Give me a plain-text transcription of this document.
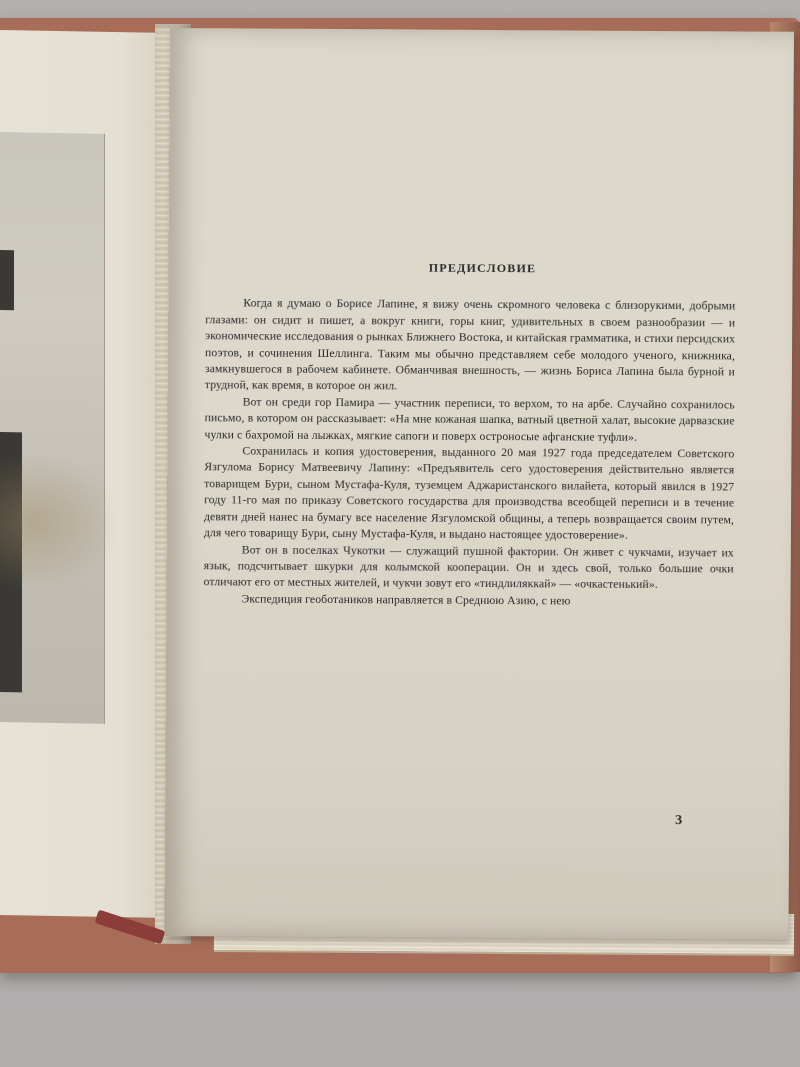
ПРЕДИСЛОВИЕ

Когда я думаю о Борисе Лапине, я вижу очень скромного человека с близорукими, добрыми глазами: он сидит и пишет, а вокруг книги, горы книг, удивительных в своем разнообразии — и экономические исследования о рынках Ближнего Востока, и китайская грамматика, и стихи персидских поэтов, и сочинения Шеллинга. Таким мы обычно представляем себе молодого ученого, книжника, замкнувшегося в рабочем кабинете. Обманчивая внешность, — жизнь Бориса Лапина была бурной и трудной, как время, в которое он жил.

Вот он среди гор Памира — участник переписи, то верхом, то на арбе. Случайно сохранилось письмо, в котором он рассказывает: «На мне кожаная шапка, ватный цветной халат, высокие дарвазские чулки с бахромой на лыжках, мягкие сапоги и поверх остроносые афганские туфли».

Сохранилась и копия удостоверения, выданного 20 мая 1927 года председателем Советского Язгулома Борису Матвеевичу Лапину: «Предъявитель сего удостоверения действительно является товарищем Бури, сыном Мустафа-Куля, туземцем Аджаристанского вилайета, который явился в 1927 году 11-го мая по приказу Советского государства для производства всеобщей переписи и в течение девяти дней нанес на бумагу все население Язгуломской общины, а теперь возвращается своим путем, для чего товарищу Бури, сыну Мустафа-Куля, и выдано настоящее удостоверение».

Вот он в поселках Чукотки — служащий пушной фактории. Он живет с чукчами, изучает их язык, подсчитывает шкурки для колымской кооперации. Он и здесь свой, только большие очки отличают его от местных жителей, и чукчи зовут его «тиндлиляккай» — «очкастенький».

Экспедиция геоботаников направляется в Среднюю Азию, с нею

3
